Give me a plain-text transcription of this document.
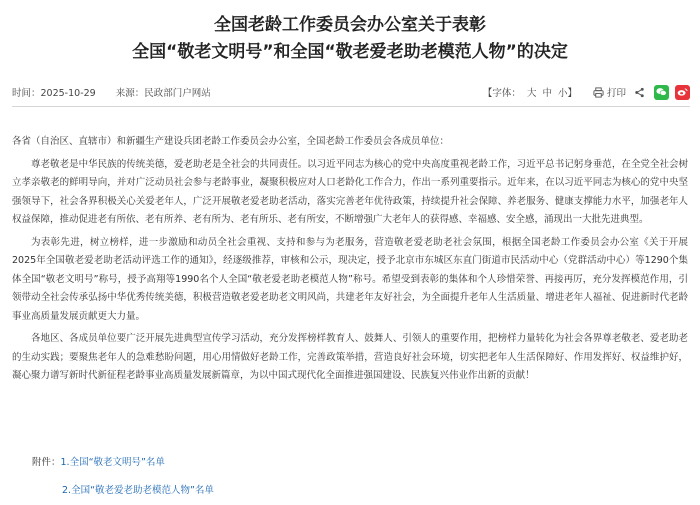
全国老龄工作委员会办公室关于表彰
全国“敬老文明号”和全国“敬老爱老助老模范人物”的决定
时间：2025-10-29 来源：民政部门户网站	【字体： 大 中 小】	打印

各省（自治区、直辖市）和新疆生产建设兵团老龄工作委员会办公室，全国老龄工作委员会各成员单位：

尊老敬老是中华民族的传统美德，爱老助老是全社会的共同责任。以习近平同志为核心的党中央高度重视老龄工作，习近平总书记躬身垂范，在全党全社会树立孝亲敬老的鲜明导向，并对广泛动员社会参与老龄事业，凝聚积极应对人口老龄化工作合力，作出一系列重要指示。近年来，在以习近平同志为核心的党中央坚强领导下，社会各界积极关心关爱老年人，广泛开展敬老爱老助老活动，落实完善老年优待政策，持续提升社会保障、养老服务、健康支撑能力水平，加强老年人权益保障，推动促进老有所依、老有所养、老有所为、老有所乐、老有所安，不断增强广大老年人的获得感、幸福感、安全感，涌现出一大批先进典型。

为表彰先进，树立榜样，进一步激励和动员全社会重视、支持和参与为老服务，营造敬老爱老助老社会氛围，根据全国老龄工作委员会办公室《关于开展2025年全国敬老爱老助老活动评选工作的通知》，经逐级推荐，审核和公示，现决定，授予北京市东城区东直门街道市民活动中心（党群活动中心）等1290个集体全国“敬老文明号”称号，授予高翔等1990名个人全国“敬老爱老助老模范人物”称号。希望受到表彰的集体和个人珍惜荣誉、再接再厉，充分发挥模范作用，引领带动全社会传承弘扬中华优秀传统美德，积极营造敬老爱老助老文明风尚，共建老年友好社会，为全面提升老年人生活质量、增进老年人福祉、促进新时代老龄事业高质量发展贡献更大力量。

各地区、各成员单位要广泛开展先进典型宣传学习活动，充分发挥榜样教育人、鼓舞人、引领人的重要作用，把榜样力量转化为社会各界尊老敬老、爱老助老的生动实践；要聚焦老年人的急难愁盼问题，用心用情做好老龄工作，完善政策举措，营造良好社会环境，切实把老年人生活保障好、作用发挥好、权益维护好，凝心聚力谱写新时代新征程老龄事业高质量发展新篇章，为以中国式现代化全面推进强国建设、民族复兴伟业作出新的贡献！

附件：1.全国“敬老文明号”名单
2.全国“敬老爱老助老模范人物”名单
